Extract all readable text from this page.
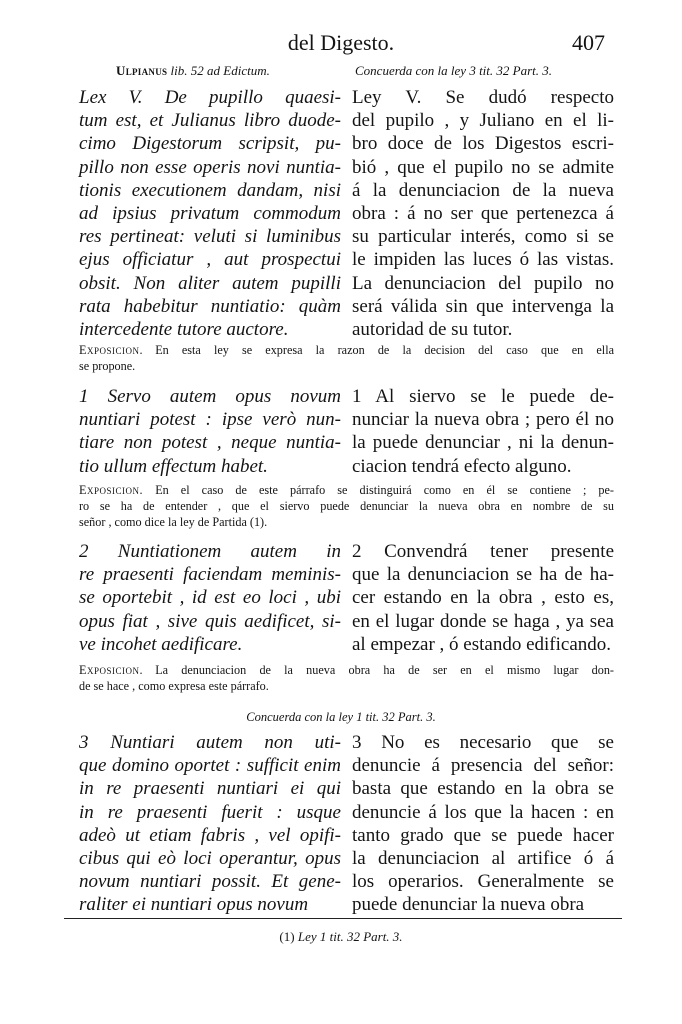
del Digesto.	407
Ulpianus lib. 52 ad Edictum.	Concuerda con la ley 3 tit. 32 Part. 3.
Lex V. De pupillo quaesi-
tum est, et Julianus libro duode-
cimo Digestorum scripsit, pu-
pillo non esse operis novi nuntia-
tionis executionem dandam, nisi
ad ipsius privatum commodum
res pertineat: veluti si luminibus
ejus officiatur , aut prospectui
obsit. Non aliter autem pupilli
rata habebitur nuntiatio: quàm
intercedente tutore auctore.
Ley V. Se dudó respecto
del pupilo , y Juliano en el li-
bro doce de los Digestos escri-
bió , que el pupilo no se admite
á la denunciacion de la nueva
obra : á no ser que pertenezca á
su particular interés, como si se
le impiden las luces ó las vistas.
La denunciacion del pupilo no
será válida sin que intervenga la
autoridad de su tutor.
Exposicion.  En esta ley se expresa la razon de la decision del caso que en ella
se propone.
1 Servo autem opus novum
nuntiari potest : ipse verò nun-
tiare non potest , neque nuntia-
tio ullum effectum habet.
1 Al siervo se le puede de-
nunciar la nueva obra ; pero él no
la puede denunciar , ni la denun-
ciacion tendrá efecto alguno.
Exposicion.  En el caso de este párrafo se distinguirá como en él se contiene ; pe-
ro se ha de entender , que el siervo puede denunciar la nueva obra en nombre de su
señor , como dice la ley de Partida (1).
2 Nuntiationem autem in
re praesenti faciendam meminis-
se oportebit , id est eo loci , ubi
opus fiat , sive quis aedificet, si-
ve incohet aedificare.
2 Convendrá tener presente
que la denunciacion se ha de ha-
cer estando en la obra , esto es,
en el lugar donde se haga , ya sea
al empezar , ó estando edificando.
Exposicion.  La denunciacion de la nueva obra ha de ser en el mismo lugar don-
de se hace , como expresa este párrafo.
Concuerda con la ley 1 tit. 32 Part. 3.
3 Nuntiari autem non uti-
que domino oportet : sufficit enim
in re praesenti nuntiari ei qui
in re praesenti fuerit : usque
adeò ut etiam fabris , vel opifi-
cibus qui eò loci operantur, opus
novum nuntiari possit. Et gene-
raliter ei nuntiari opus novum
3 No es necesario que se
denuncie á presencia del señor:
basta que estando en la obra se
denuncie á los que la hacen : en
tanto grado que se puede hacer
la denunciacion al artifice ó á
los operarios. Generalmente se
puede denunciar la nueva obra
(1) Ley 1 tit. 32 Part. 3.
